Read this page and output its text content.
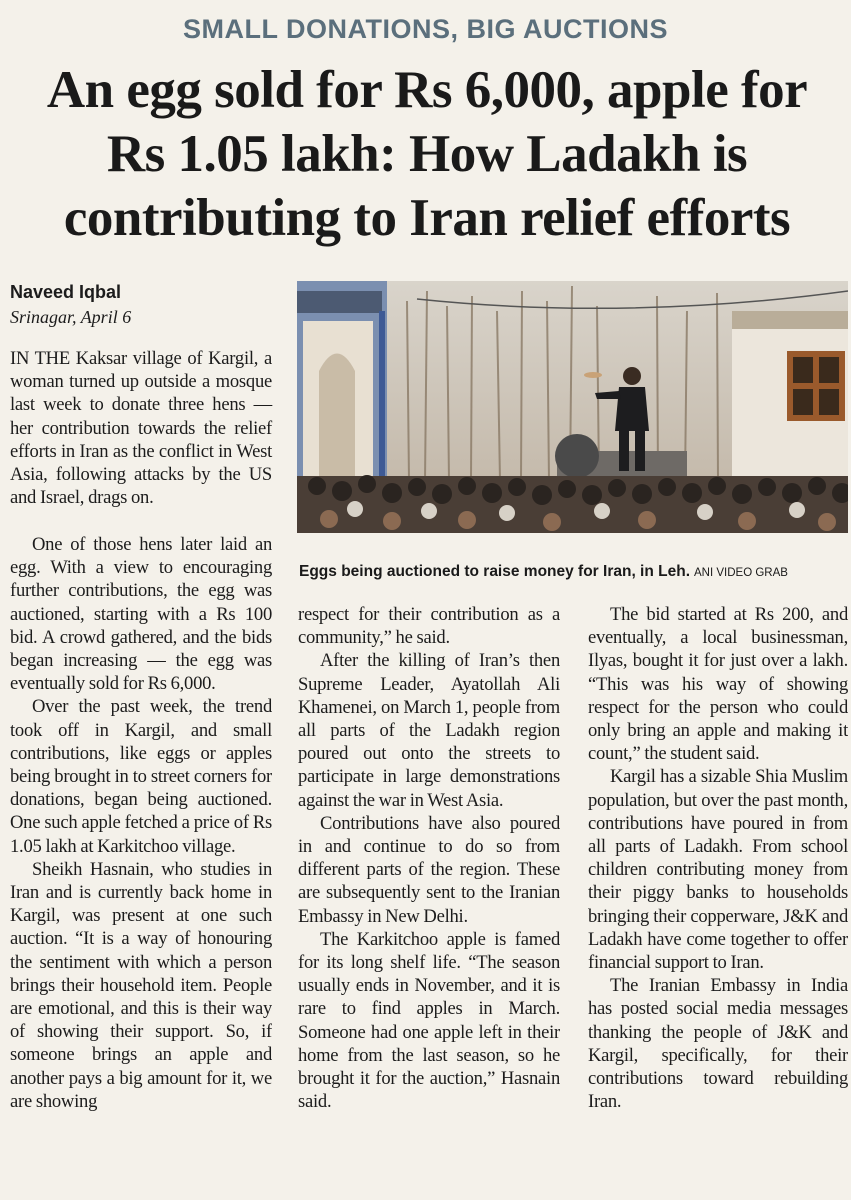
SMALL DONATIONS, BIG AUCTIONS
An egg sold for Rs 6,000, apple for Rs 1.05 lakh: How Ladakh is contributing to Iran relief efforts
Naveed Iqbal
Srinagar, April 6
Eggs being auctioned to raise money for Iran, in Leh. ANI VIDEO GRAB

IN THE Kaksar village of Kargil, a woman turned up outside a mosque last week to donate three hens — her contribution towards the relief efforts in Iran as the conflict in West Asia, following attacks by the US and Israel, drags on.

One of those hens later laid an egg. With a view to encouraging further contributions, the egg was auctioned, starting with a Rs 100 bid. A crowd gathered, and the bids began increasing — the egg was eventually sold for Rs 6,000.

Over the past week, the trend took off in Kargil, and small contributions, like eggs or apples being brought in to street corners for donations, began being auctioned. One such apple fetched a price of Rs 1.05 lakh at Karkitchoo village.

Sheikh Hasnain, who studies in Iran and is currently back home in Kargil, was present at one such auction. “It is a way of honouring the sentiment with which a person brings their household item. People are emotional, and this is their way of showing their support. So, if someone brings an apple and another pays a big amount for it, we are showing

respect for their contribution as a community,” he said.

After the killing of Iran’s then Supreme Leader, Ayatollah Ali Khamenei, on March 1, people from all parts of the Ladakh region poured out onto the streets to participate in large demonstrations against the war in West Asia.

Contributions have also poured in and continue to do so from different parts of the region. These are subsequently sent to the Iranian Embassy in New Delhi.

The Karkitchoo apple is famed for its long shelf life. “The season usually ends in November, and it is rare to find apples in March. Someone had one apple left in their home from the last season, so he brought it for the auction,” Hasnain said.

The bid started at Rs 200, and eventually, a local businessman, Ilyas, bought it for just over a lakh. “This was his way of showing respect for the person who could only bring an apple and making it count,” the student said.

Kargil has a sizable Shia Muslim population, but over the past month, contributions have poured in from all parts of Ladakh. From school children contributing money from their piggy banks to households bringing their copperware, J&K and Ladakh have come together to offer financial support to Iran.

The Iranian Embassy in India has posted social media messages thanking the people of J&K and Kargil, specifically, for their contributions toward rebuilding Iran.
